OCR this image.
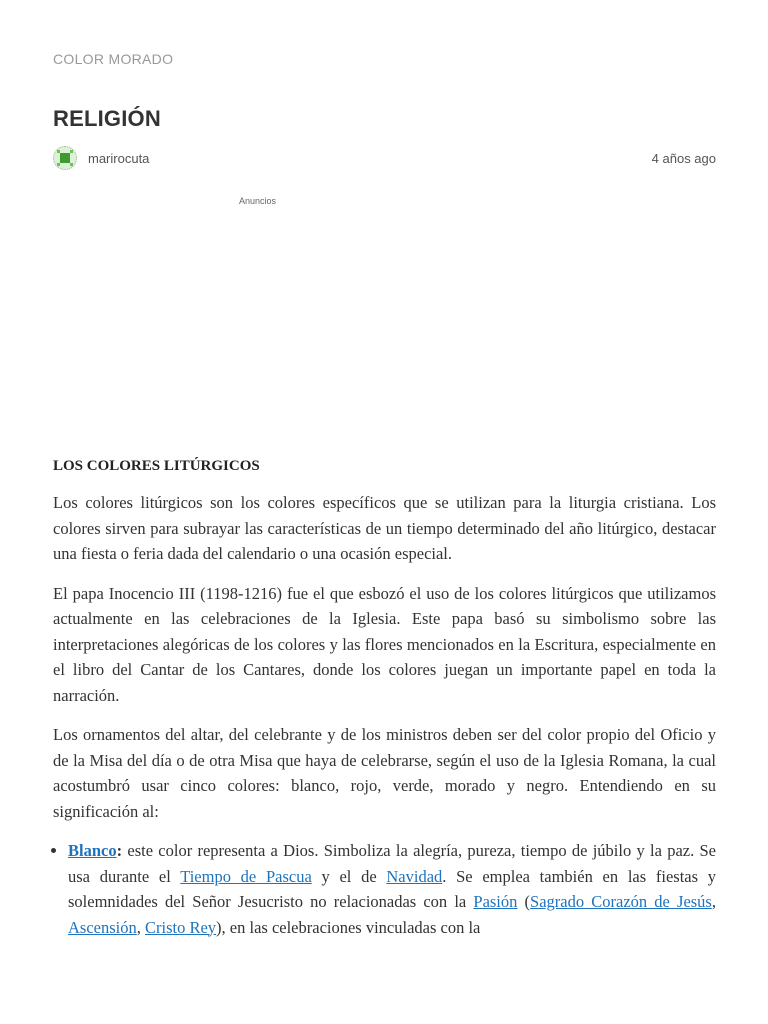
COLOR MORADO
RELIGIÓN
marirocuta	4 años ago
Anuncios
LOS COLORES LITÚRGICOS

Los colores litúrgicos son los colores específicos que se utilizan para la liturgia cristiana. Los colores sirven para subrayar las características de un tiempo determinado del año litúrgico, destacar una fiesta o feria dada del calendario o una ocasión especial.

El papa Inocencio III (1198-1216) fue el que esbozó el uso de los colores litúrgicos que utilizamos actualmente en las celebraciones de la Iglesia. Este papa basó su simbolismo sobre las interpretaciones alegóricas de los colores y las flores mencionados en la Escritura, especialmente en el libro del Cantar de los Cantares, donde los colores juegan un importante papel en toda la narración.

Los ornamentos del altar, del celebrante y de los ministros deben ser del color propio del Oficio y de la Misa del día o de otra Misa que haya de celebrarse, según el uso de la Iglesia Romana, la cual acostumbró usar cinco colores: blanco, rojo, verde, morado y negro. Entendiendo en su significación al:

• Blanco: este color representa a Dios. Simboliza la alegría, pureza, tiempo de júbilo y la paz. Se usa durante el Tiempo de Pascua y el de Navidad. Se emplea también en las fiestas y solemnidades del Señor Jesucristo no relacionadas con la Pasión (Sagrado Corazón de Jesús, Ascensión, Cristo Rey), en las celebraciones vinculadas con la
